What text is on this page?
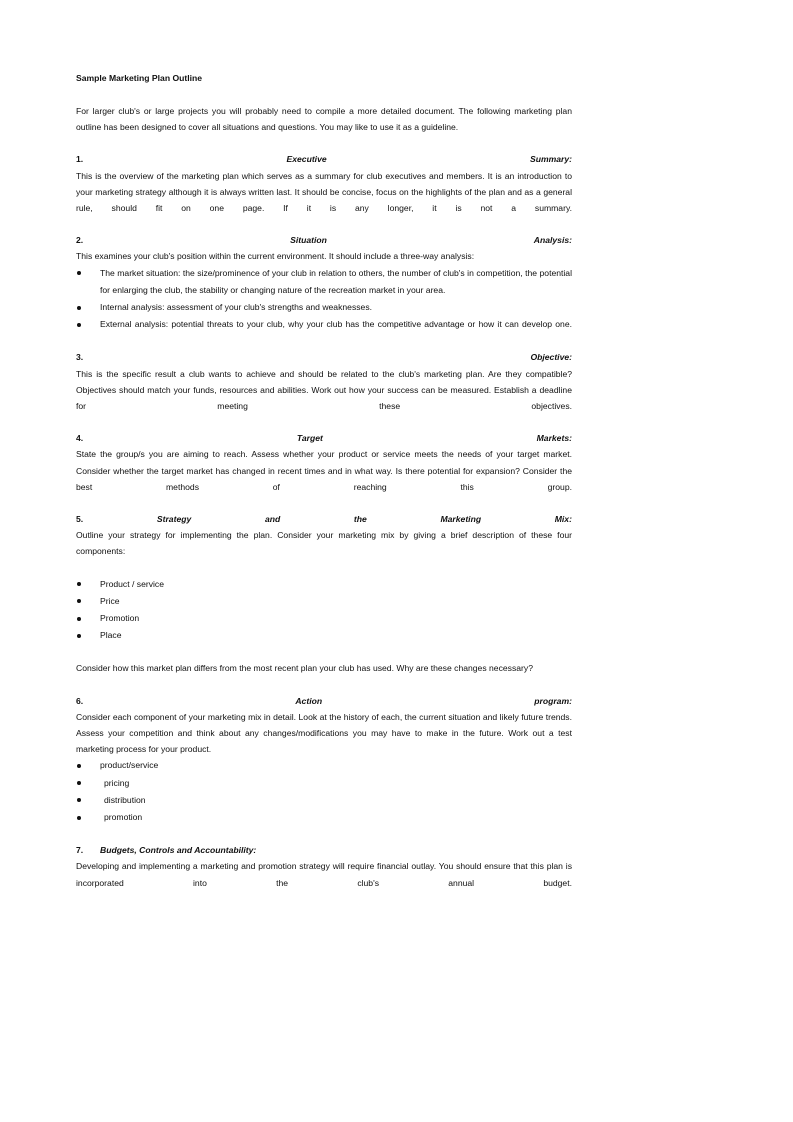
Sample Marketing Plan Outline

For larger club's or large projects you will probably need to compile a more detailed document. The following marketing plan outline has been designed to cover all situations and questions. You may like to use it as a guideline.

1.	Executive	Summary:

This is the overview of the marketing plan which serves as a summary for club executives and members. It is an introduction to your marketing strategy although it is always written last. It should be concise, focus on the highlights of the plan and as a general rule, should fit on one page. If it is any longer, it is not a summary.

2.	Situation	Analysis:

This examines your club's position within the current environment. It should include a three-way analysis:

The market situation: the size/prominence of your club in relation to others, the number of club's in competition, the potential for enlarging the club, the stability or changing nature of the recreation market in your area.
Internal analysis: assessment of your club's strengths and weaknesses.
External analysis: potential threats to your club, why your club has the competitive advantage or how it can develop one.
3.	Objective:

This is the specific result a club wants to achieve and should be related to the club's marketing plan. Are they compatible? Objectives should match your funds, resources and abilities. Work out how your success can be measured. Establish a deadline for meeting these objectives.

4.	Target	Markets:

State the group/s you are aiming to reach. Assess whether your product or service meets the needs of your target market. Consider whether the target market has changed in recent times and in what way. Is there potential for expansion? Consider the best methods of reaching this group.

5.	Strategy	and	the	Marketing	Mix:

Outline your strategy for implementing the plan. Consider your marketing mix by giving a brief description of these four components:

Product / service
Price
Promotion
Place

Consider how this market plan differs from the most recent plan your club has used. Why are these changes necessary?

6.	Action	program:

Consider each component of your marketing mix in detail. Look at the history of each, the current situation and likely future trends. Assess your competition and think about any changes/modifications you may have to make in the future. Work out a test marketing process for your product.

product/service
pricing
distribution
promotion
7.	Budgets, Controls and Accountability:

Developing and implementing a marketing and promotion strategy will require financial outlay. You should ensure that this plan is incorporated into the club's annual budget.
